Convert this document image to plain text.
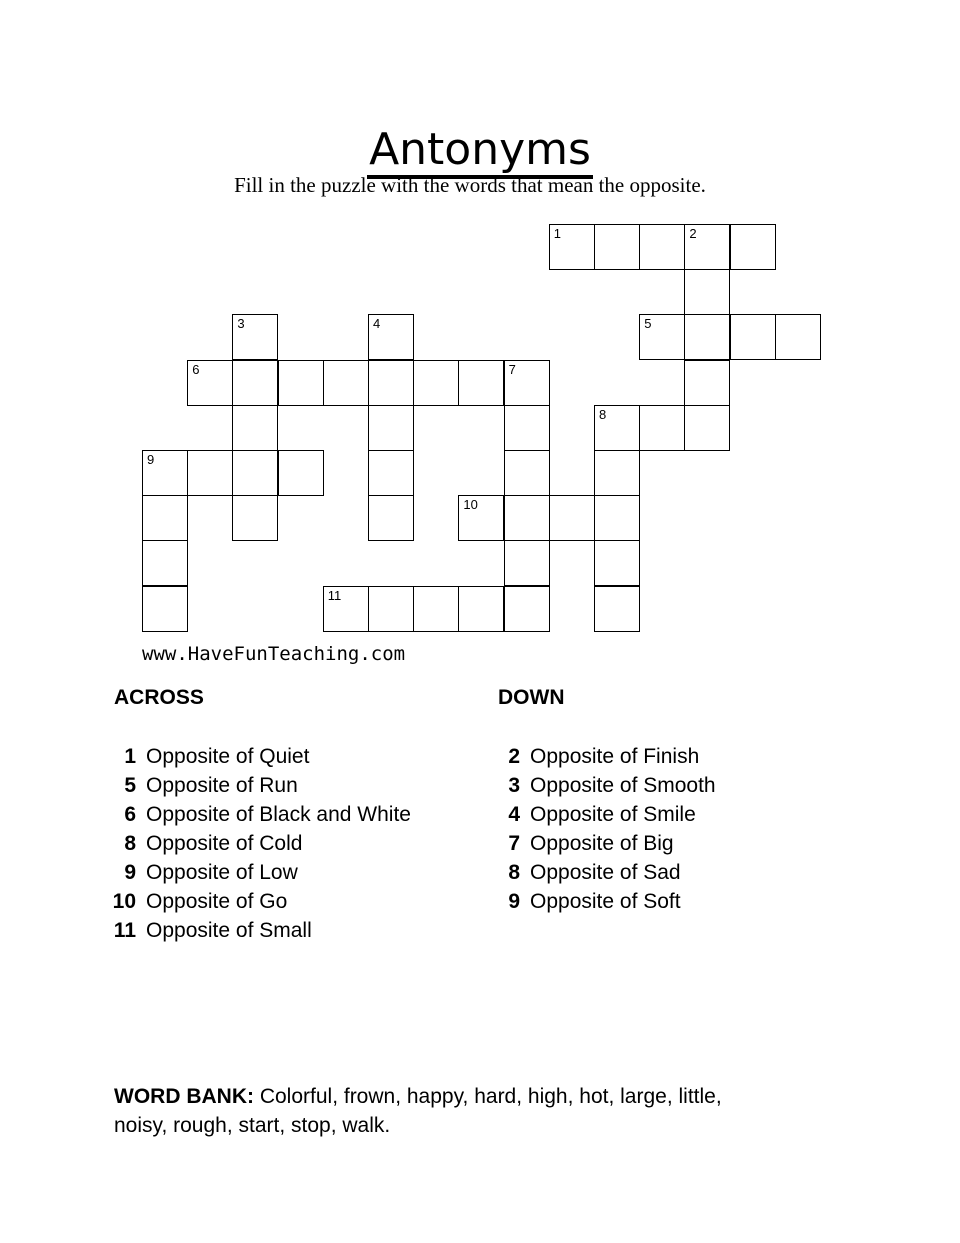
Antonyms
Fill in the puzzle with the words that mean the opposite.
1	2
3	4	5
6	7
8
9
10
11
www.HaveFunTeaching.com
ACROSS	DOWN
1 Opposite of Quiet
5 Opposite of Run
6 Opposite of Black and White
8 Opposite of Cold
9 Opposite of Low
10 Opposite of Go
11 Opposite of Small
2 Opposite of Finish
3 Opposite of Smooth
4 Opposite of Smile
7 Opposite of Big
8 Opposite of Sad
9 Opposite of Soft
WORD BANK: Colorful, frown, happy, hard, high, hot, large, little, noisy, rough, start, stop, walk.
